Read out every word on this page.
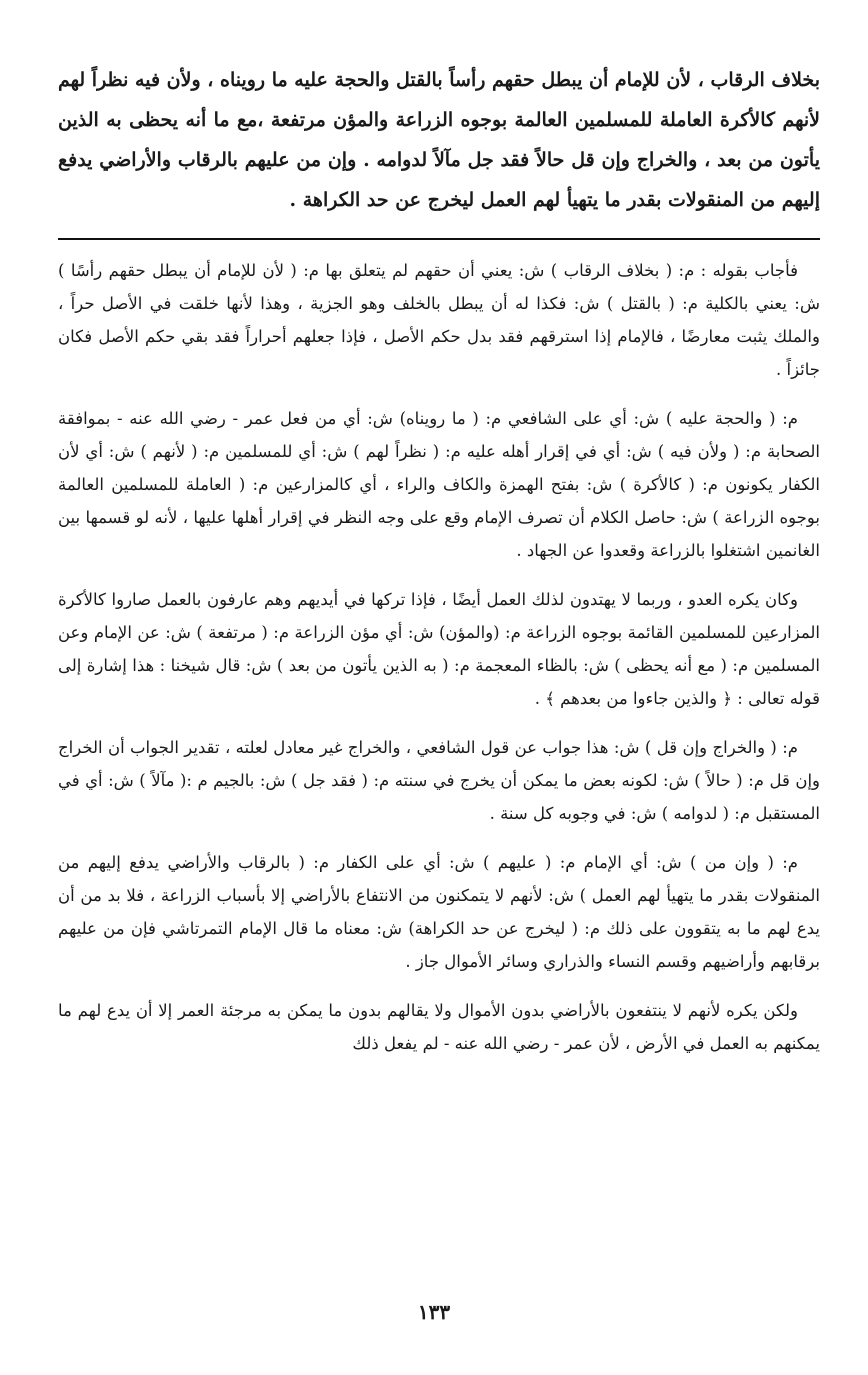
بخلاف الرقاب ، لأن للإمام أن يبطل حقهم رأساً بالقتل والحجة عليه ما رويناه ، ولأن فيه نظراً لهم لأنهم كالأكرة العاملة للمسلمين العالمة بوجوه الزراعة والمؤن مرتفعة ،مع ما أنه يحظى به الذين يأتون من بعد ، والخراج وإن قل حالاً فقد جل مآلاً لدوامه . وإن من عليهم بالرقاب والأراضي يدفع إليهم من المنقولات بقدر ما يتهيأ لهم العمل ليخرج عن حد الكراهة .

فأجاب بقوله : م: ( بخلاف الرقاب ) ش: يعني أن حقهم لم يتعلق بها م: ( لأن للإمام أن يبطل حقهم رأسًا ) ش: يعني بالكلية م: ( بالقتل ) ش: فكذا له أن يبطل بالخلف وهو الجزية ، وهذا لأنها خلقت في الأصل حراً ، والملك يثبت معارضًا ، فالإمام إذا استرقهم فقد بدل حكم الأصل ، فإذا جعلهم أحراراً فقد بقي حكم الأصل فكان جائزاً .

م: ( والحجة عليه ) ش: أي على الشافعي م: ( ما رويناه) ش: أي من فعل عمر - رضي الله عنه - بموافقة الصحابة م: ( ولأن فيه ) ش: أي في إقرار أهله عليه م: ( نظراً لهم ) ش: أي للمسلمين م: ( لأنهم ) ش: أي لأن الكفار يكونون م: ( كالأكرة ) ش: بفتح الهمزة والكاف والراء ، أي كالمزارعين م: ( العاملة للمسلمين العالمة بوجوه الزراعة ) ش: حاصل الكلام أن تصرف الإمام وقع على وجه النظر في إقرار أهلها عليها ، لأنه لو قسمها بين الغانمين اشتغلوا بالزراعة وقعدوا عن الجهاد .

وكان يكره العدو ، وربما لا يهتدون لذلك العمل أيضًا ، فإذا تركها في أيديهم وهم عارفون بالعمل صاروا كالأكرة المزارعين للمسلمين القائمة بوجوه الزراعة م: (والمؤن) ش: أي مؤن الزراعة م: ( مرتفعة ) ش: عن الإمام وعن المسلمين م: ( مع أنه يحظى ) ش: بالظاء المعجمة م: ( به الذين يأتون من بعد ) ش: قال شيخنا : هذا إشارة إلى قوله تعالى : ﴿ والذين جاءوا من بعدهم ﴾ .

م: ( والخراج وإن قل ) ش: هذا جواب عن قول الشافعي ، والخراج غير معادل لعلته ، تقدير الجواب أن الخراج وإن قل م: ( حالاً ) ش: لكونه بعض ما يمكن أن يخرج في سنته م: ( فقد جل ) ش: بالجيم م :( مآلاً ) ش: أي في المستقبل م: ( لدوامه ) ش: في وجوبه كل سنة .

م: ( وإن من ) ش: أي الإمام م: ( عليهم ) ش: أي على الكفار م: ( بالرقاب والأراضي يدفع إليهم من المنقولات بقدر ما يتهيأ لهم العمل ) ش: لأنهم لا يتمكنون من الانتفاع بالأراضي إلا بأسباب الزراعة ، فلا بد من أن يدع لهم ما به يتقوون على ذلك م: ( ليخرج عن حد الكراهة) ش: معناه ما قال الإمام التمرتاشي فإن من عليهم برقابهم وأراضيهم وقسم النساء والذراري وسائر الأموال جاز .

ولكن يكره لأنهم لا ينتفعون بالأراضي بدون الأموال ولا يقالهم بدون ما يمكن به مرجئة العمر إلا أن يدع لهم ما يمكنهم به العمل في الأرض ، لأن عمر - رضي الله عنه - لم يفعل ذلك

١٣٣
